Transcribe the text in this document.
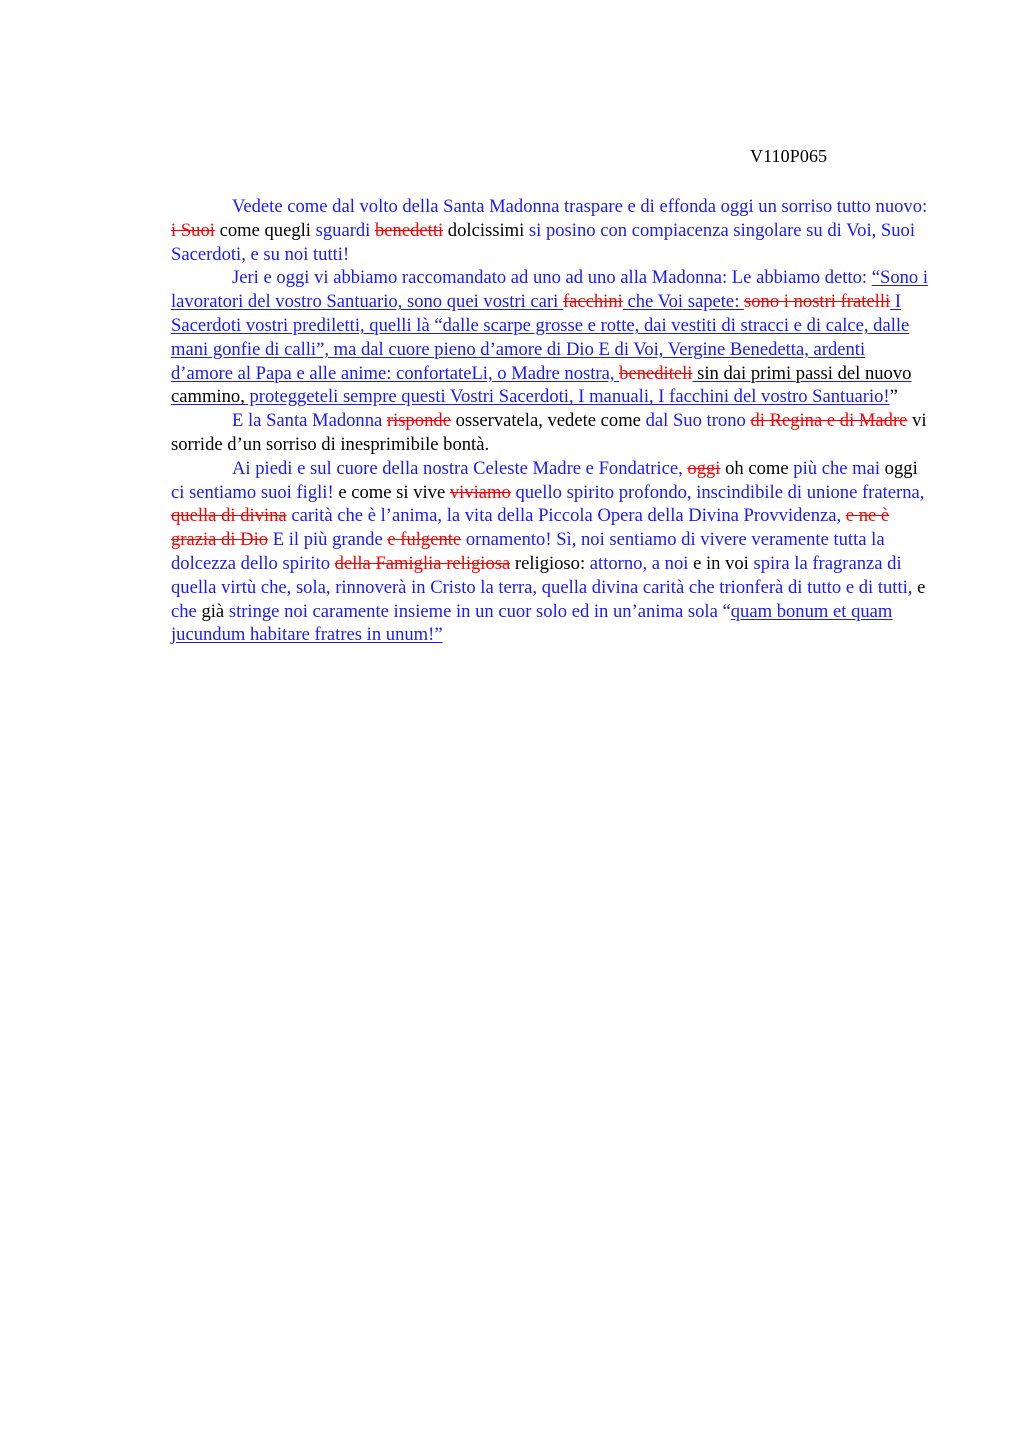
V110P065

Vedete come dal volto della Santa Madonna traspare e di effonda oggi un sorriso tutto nuovo: i Suoi come quegli sguardi benedetti dolcissimi si posino con compiacenza singolare su di Voi, Suoi Sacerdoti, e su noi tutti!

Jeri e oggi vi abbiamo raccomandato ad uno ad uno alla Madonna: Le abbiamo detto: “Sono i lavoratori del vostro Santuario, sono quei vostri cari facchini che Voi sapete: sono i nostri fratelli I Sacerdoti vostri prediletti, quelli là “dalle scarpe grosse e rotte, dai vestiti di stracci e di calce, dalle mani gonfie di calli”, ma dal cuore pieno d’amore di Dio E di Voi, Vergine Benedetta, ardenti d’amore al Papa e alle anime: confortateLi, o Madre nostra, benediteli sin dai primi passi del nuovo cammino, proteggeteli sempre questi Vostri Sacerdoti, I manuali, I facchini del vostro Santuario!”

E la Santa Madonna risponde osservatela, vedete come dal Suo trono di Regina e di Madre vi sorride d’un sorriso di inesprimibile bontà.

Ai piedi e sul cuore della nostra Celeste Madre e Fondatrice, oggi oh come più che mai oggi ci sentiamo suoi figli! e come si vive viviamo quello spirito profondo, inscindibile di unione fraterna, quella di divina carità che è l’anima, la vita della Piccola Opera della Divina Provvidenza, e ne è grazia di Dio E il più grande e fulgente ornamento! Sì, noi sentiamo di vivere veramente tutta la dolcezza dello spirito della Famiglia religiosa religioso: attorno, a noi e in voi spira la fragranza di quella virtù che, sola, rinnoverà in Cristo la terra, quella divina carità che trionferà di tutto e di tutti, e che già stringe noi caramente insieme in un cuor solo ed in un’anima sola “quam bonum et quam jucundum habitare fratres in unum!”
